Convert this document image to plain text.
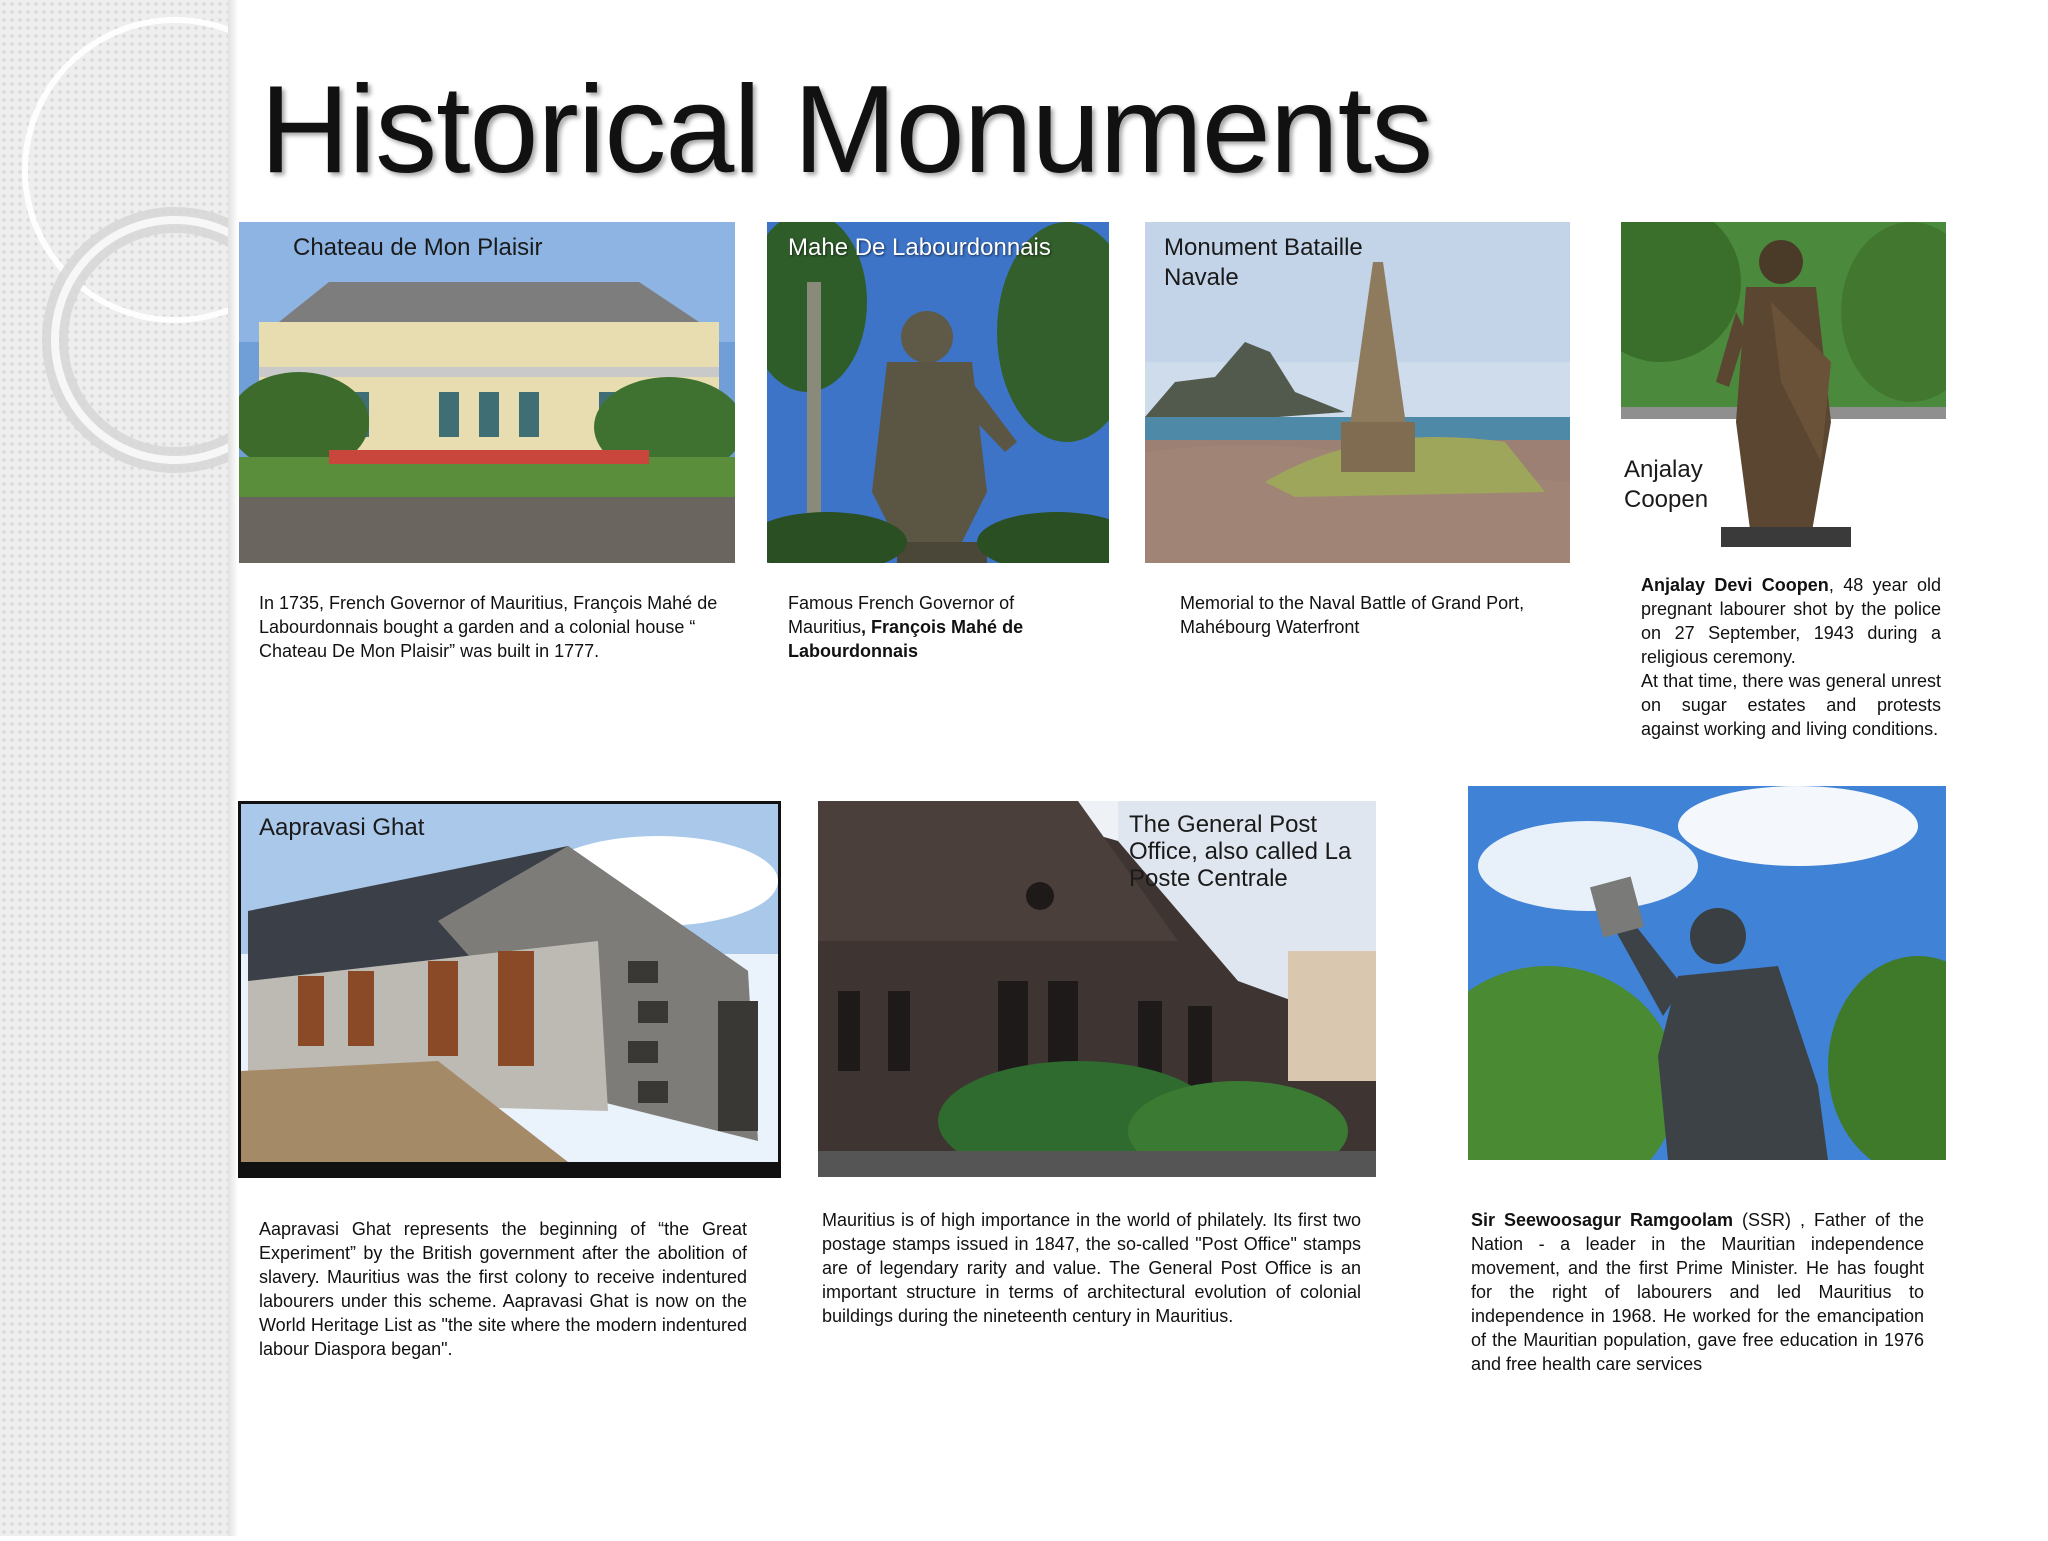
Historical Monuments
Chateau de Mon Plaisir	Mahe De Labourdonnais	Monument Bataille
Navale
Anjalay
Coopen
In 1735, French Governor of Mauritius, François Mahé de Labourdonnais bought a garden and a colonial house “ Chateau De Mon Plaisir” was built in 1777.
Famous French Governor of Mauritius, François Mahé de Labourdonnais
Memorial to the Naval Battle of Grand Port, Mahébourg Waterfront
Anjalay Devi Coopen, 48 year old pregnant labourer shot by the police on 27 September, 1943 during a religious ceremony.
At that time, there was general unrest on sugar estates and protests against working and living conditions.
Aapravasi Ghat	The General Post
Office, also called La
Poste Centrale
Aapravasi Ghat represents the beginning of “the Great Experiment” by the British government after the abolition of slavery. Mauritius was the first colony to receive indentured labourers under this scheme. Aapravasi Ghat is now on the World Heritage List as "the site where the modern indentured labour Diaspora began".
Mauritius is of high importance in the world of philately. Its first two postage stamps issued in 1847, the so-called "Post Office" stamps are of legendary rarity and value. The General Post Office is an important structure in terms of architectural evolution of colonial buildings during the nineteenth century in Mauritius.
Sir Seewoosagur Ramgoolam (SSR) , Father of the Nation - a leader in the Mauritian independence movement, and the first Prime Minister. He has fought for the right of labourers and led Mauritius to independence in 1968. He worked for the emancipation of the Mauritian population, gave free education in 1976 and free health care services
